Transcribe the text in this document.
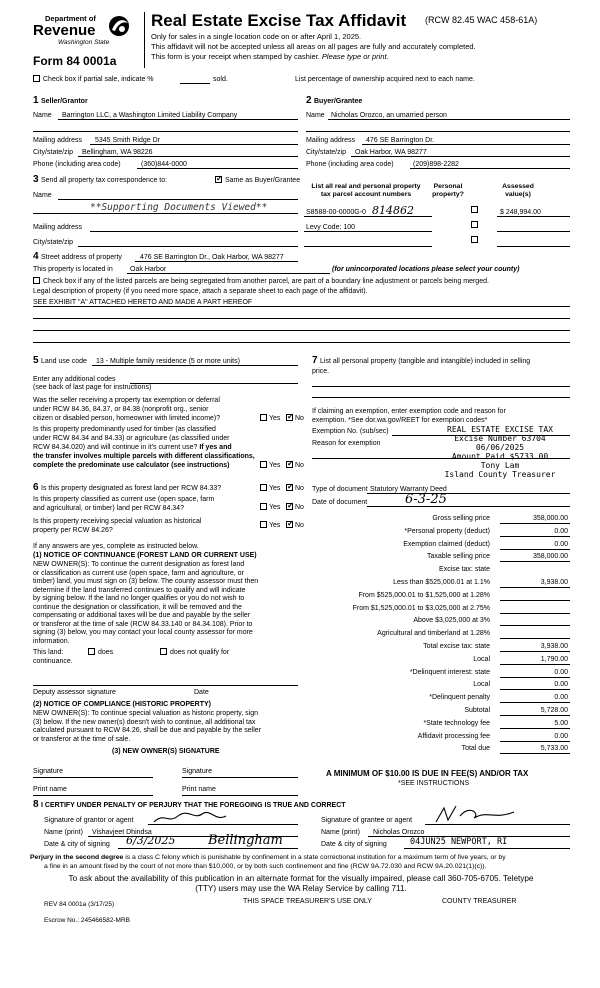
Department of
Revenue
Washington State
Form 84 0001a
Real Estate Excise Tax Affidavit (RCW 82.45 WAC 458-61A)
Only for sales in a single location code on or after April 1, 2025.
This affidavit will not be accepted unless all areas on all pages are fully and accurately completed.
This form is your receipt when stamped by cashier. Please type or print.
Check box if partial sale, indicate %	sold.	List percentage of ownership acquired next to each name.
1 Seller/Grantor
Name Barrington LLC, a Washington Limited Liability Company
Mailing address 5345 Smith Ridge Dr
City/state/zip Bellingham, WA 98226
Phone (including area code)	(360)844-0000
2 Buyer/Grantee
Name Nicholas Orozco, an umarried person
Mailing address 476 SE Barrington Dr.
City/state/zip Oak Harbor, WA 98277
Phone (including area code)	(209)898-2282
3 Send all property tax correspondence to: ✓	Same as Buyer/Grantee
Name
**Supporting Documents Viewed**
Mailing address
City/state/zip
List all real and personal property tax parcel account numbers
Personal property?
Assessed value(s)
S8588-00-0000G-0 814862	$ 248,994.00
Levy Code: 100
4 Street address of property	476 SE Barrington Dr., Oak Harbor, WA 98277
This property is located in Oak Harbor	(for unincorporated locations please select your county)
Check box if any of the listed parcels are being segregated from another parcel, are part of a boundary line adjustment or parcels being merged.
Legal description of property (if you need more space, attach a separate sheet to each page of the affidavit).
SEE EXHIBIT "A" ATTACHED HERETO AND MADE A PART HEREOF
5 Land use code 13 - Multiple family residence (5 or more units)
Enter any additional codes
(see back of last page for instructions)
Was the seller receiving a property tax exemption or deferral
under RCW 84.36, 84.37, or 84.38 (nonprofit org., senior
citizen or disabled person, homeowner with limited income)?	Yes ✓ No
Is this property predominantly used for timber (as classified
under RCW 84.34 and 84.33) or agriculture (as classified under
RCW 84.34.020) and will continue in it's current use? If yes and
the transfer involves multiple parcels with different classifications,
complete the predominate use calculator (see instructions)	Yes ✓ No
7 List all personal property (tangible and intangible) included in selling
price.
If claiming an exemption, enter exemption code and reason for
exemption. *See dor.wa.gov/REET for exemption codes*
Exemption No. (sub/sec)
Reason for exemption
REAL ESTATE EXCISE TAX
Excise Number 63704
06/06/2025
Amount Paid $5733.00
Tony Lam
Island County Treasurer
Type of document Statutory Warranty Deed
Date of document	6-3-25
6 Is this property designated as forest land per RCW 84.33?	Yes ✓ No
Is this property classified as current use (open space, farm
and agricultural, or timber) land per RCW 84.34?	Yes ✓ No
Is this property receiving special valuation as historical
property per RCW 84.26?
Yes ✓ No
If any answers are yes, complete as instructed below.
(1) NOTICE OF CONTINUANCE (FOREST LAND OR CURRENT USE)
NEW OWNER(S): To continue the current designation as forest land
or classification as current use (open space, farm and agriculture, or
timber) land, you must sign on (3) below. The county assessor must then
determine if the land transferred continues to qualify and will indicate
by signing below. If the land no longer qualifies or you do not wish to
continue the designation or classification, it will be removed and the
compensating or additional taxes will be due and payable by the seller
or transferor at the time of sale (RCW 84.33.140 or 84.34.108). Prior to
signing (3) below, you may contact your local county assessor for more
information.
This land:	does	does not qualify for
continuance.
Deputy assessor signature	Date
(2) NOTICE OF COMPLIANCE (HISTORIC PROPERTY)
NEW OWNER(S): To continue special valuation as historic property, sign
(3) below. If the new owner(s) doesn't wish to continue, all additional tax
calculated pursuant to RCW 84.26, shall be due and payable by the seller
or transferor at the time of sale.
(3) NEW OWNER(S) SIGNATURE
Signature	Signature
Print name	Print name
Gross selling price	358,000.00
*Personal property (deduct)	0.00
Exemption claimed (deduct)	0.00
Taxable selling price	358,000.00
Excise tax: state
Less than $525,000.01 at 1.1%	3,938.00
From $525,000.01 to $1,525,000 at 1.28%
From $1,525,000.01 to $3,025,000 at 2.75%
Above $3,025,000 at 3%
Agricultural and timberland at 1.28%
Total excise tax: state	3,938.00
Local	1,790.00
*Delinquent interest: state	0.00
Local	0.00
*Delinquent penalty	0.00
Subtotal	5,728.00
*State technology fee	5.00
Affidavit processing fee	0.00
Total due	5,733.00
A MINIMUM OF $10.00 IS DUE IN FEE(S) AND/OR TAX
*SEE INSTRUCTIONS
8 I CERTIFY UNDER PENALTY OF PERJURY THAT THE FOREGOING IS TRUE AND CORRECT
Signature of grantor or agent
Name (print) Vishavjeet Dhindsa
Date & city of signing 6/3/2025	Bellingham
Signature of grantee or agent
Name (print) Nicholas Orozco
Date & city of signing	04JUN25 NEWPORT, RI
Perjury in the second degree is a class C felony which is punishable by confinement in a state correctional institution for a maximum term of five years, or by
a fine in an amount fixed by the court of not more than $10,000, or by both such confinement and fine (RCW 9A.72.030 and RCW 9A.20.021(1)(c)).
To ask about the availability of this publication in an alternate format for the visually impaired, please call 360-705-6705. Teletype
(TTY) users may use the WA Relay Service by calling 711.
REV 84 0001a (3/17/25)	THIS SPACE TREASURER'S USE ONLY	COUNTY TREASURER
Escrow No.: 245466582-MRB
